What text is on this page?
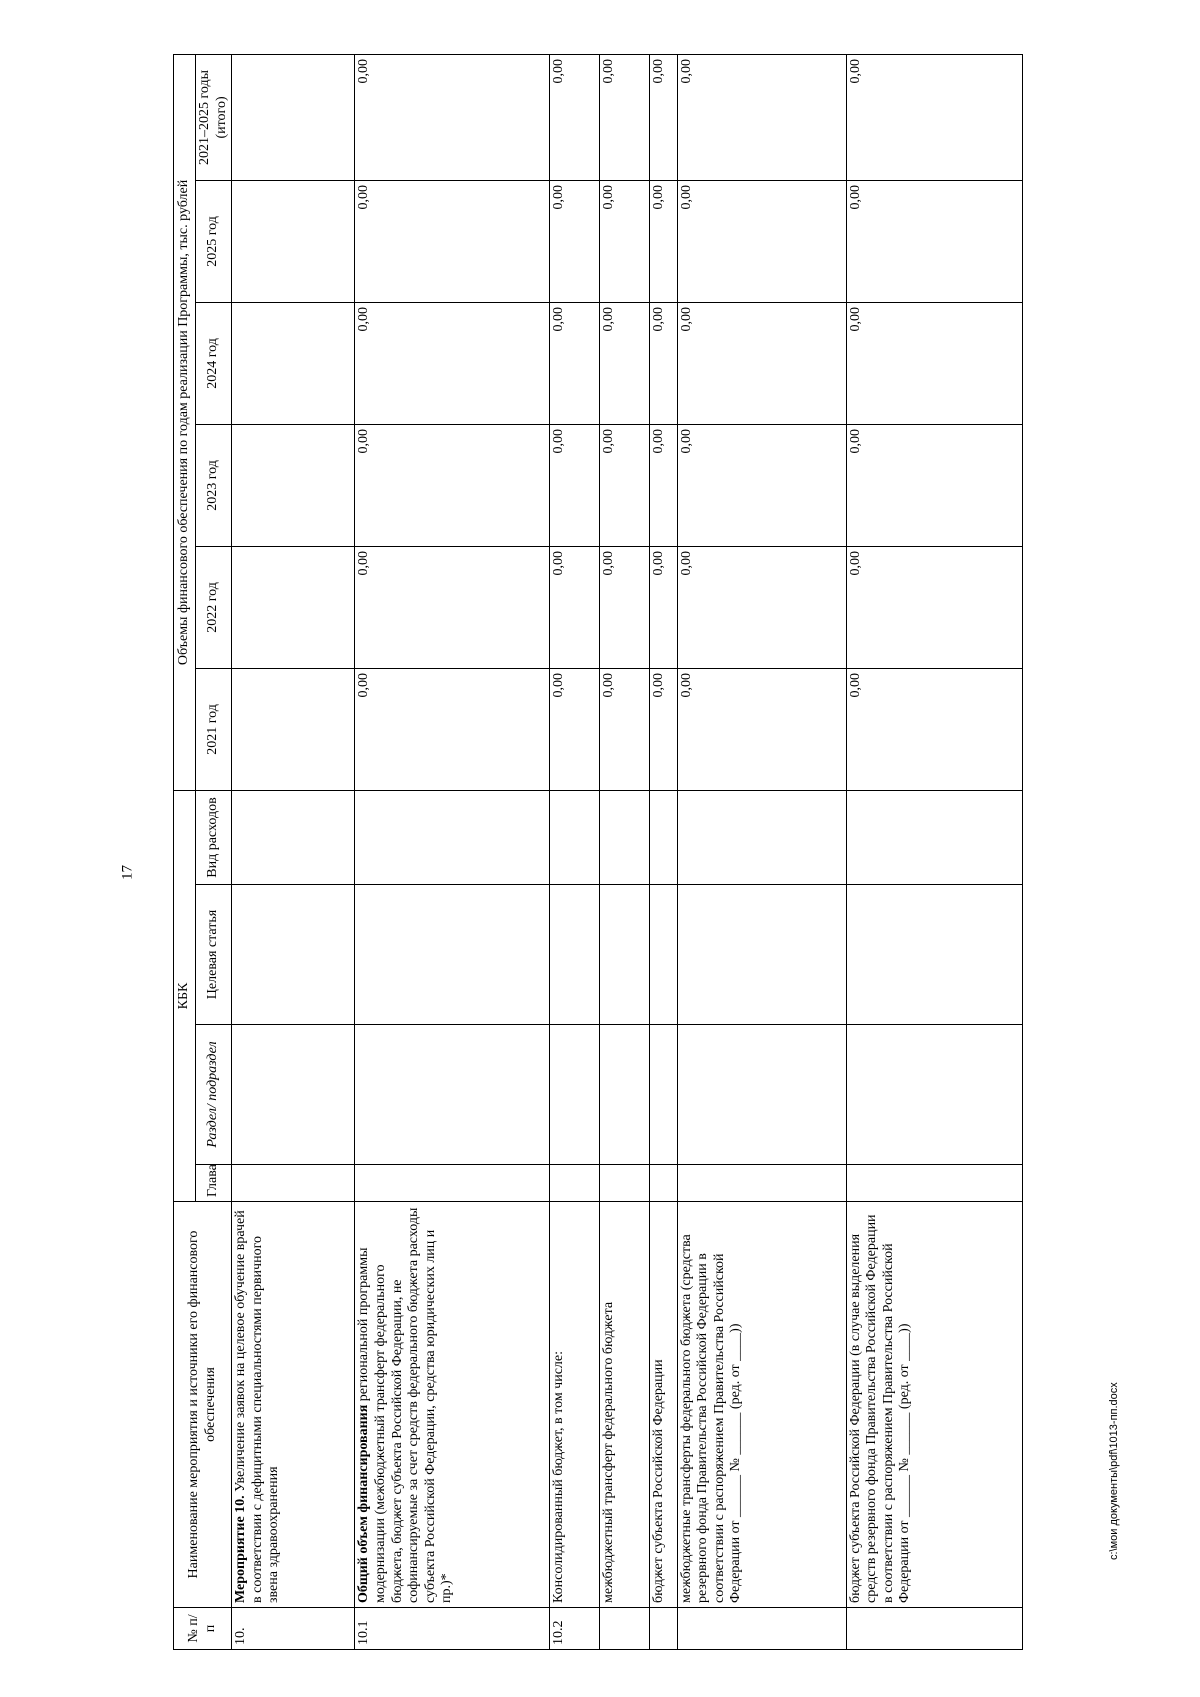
17
№ п/п	Наименование мероприятия и источники его финансового обеспечения	КБК				Объемы финансового обеспечения по годам реализации Программы, тыс. рублей					
		Глава	Раздел/ подраздел	Целевая статья	Вид расходов	2021 год	2022 год	2023 год	2024 год	2025 год	2021–2025 годы (итого)
10.	Мероприятие 10. Увеличение заявок на целевое обучение врачей в соответствии с дефицитными специальностями первичного звена здравоохранения										
10.1	Общий объем финансирования региональной программы модернизации (межбюджетный трансферт федерального бюджета, бюджет субъекта Российской Федерации, не софинансируемые за счет средств федерального бюджета расходы субъекта Российской Федерации, средства юридических лиц и пр.)*					0,00	0,00	0,00	0,00	0,00	0,00
10.2	Консолидированный бюджет, в том числе:					0,00	0,00	0,00	0,00	0,00	0,00
	межбюджетный трансферт федерального бюджета					0,00	0,00	0,00	0,00	0,00	0,00
	бюджет субъекта Российской Федерации					0,00	0,00	0,00	0,00	0,00	0,00
	межбюджетные трансферты федерального бюджета (средства резервного фонда Правительства Российской Федерации в соответствии с распоряжением Правительства Российской Федерации от ______ № ______ (ред. от ____))					0,00	0,00	0,00	0,00	0,00	0,00
	бюджет субъекта Российской Федерации (в случае выделения средств резервного фонда Правительства Российской Федерации в соответствии с распоряжением Правительства Российской Федерации от ______ № ______ (ред. от ____))					0,00	0,00	0,00	0,00	0,00	0,00
c:\мои документы\pdf\1013-пп.docx
